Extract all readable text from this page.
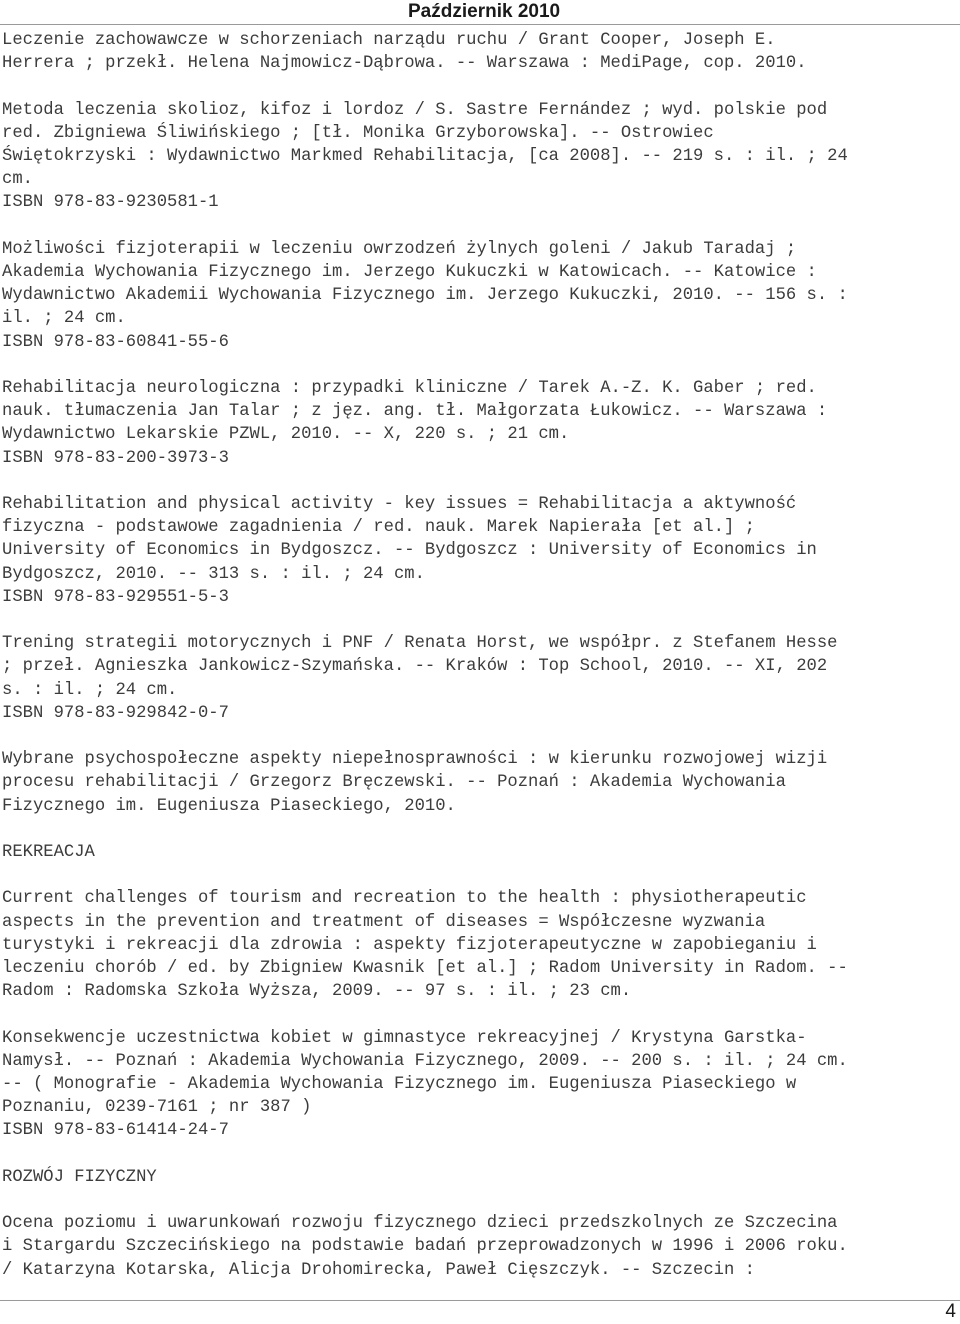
Październik 2010
Leczenie zachowawcze w schorzeniach narządu ruchu / Grant Cooper, Joseph E.
Herrera ; przekł. Helena Najmowicz-Dąbrowa. -- Warszawa : MediPage, cop. 2010.
Metoda leczenia skolioz, kifoz i lordoz / S. Sastre Fernández ; wyd. polskie pod
red. Zbigniewa Śliwińskiego ; [tł. Monika Grzyborowska]. -- Ostrowiec
Świętokrzyski : Wydawnictwo Markmed Rehabilitacja, [ca 2008]. -- 219 s. : il. ; 24
cm.
ISBN 978-83-9230581-1
Możliwości fizjoterapii w leczeniu owrzodzeń żylnych goleni / Jakub Taradaj ;
Akademia Wychowania Fizycznego im. Jerzego Kukuczki w Katowicach. -- Katowice :
Wydawnictwo Akademii Wychowania Fizycznego im. Jerzego Kukuczki, 2010. -- 156 s. :
il. ; 24 cm.
ISBN 978-83-60841-55-6
Rehabilitacja neurologiczna : przypadki kliniczne / Tarek A.-Z. K. Gaber ; red.
nauk. tłumaczenia Jan Talar ; z jęz. ang. tł. Małgorzata Łukowicz. -- Warszawa :
Wydawnictwo Lekarskie PZWL, 2010. -- X, 220 s. ; 21 cm.
ISBN 978-83-200-3973-3
Rehabilitation and physical activity - key issues = Rehabilitacja a aktywność
fizyczna - podstawowe zagadnienia / red. nauk. Marek Napierała [et al.] ;
University of Economics in Bydgoszcz. -- Bydgoszcz : University of Economics in
Bydgoszcz, 2010. -- 313 s. : il. ; 24 cm.
ISBN 978-83-929551-5-3
Trening strategii motorycznych i PNF / Renata Horst, we współpr. z Stefanem Hesse
; przeł. Agnieszka Jankowicz-Szymańska. -- Kraków : Top School, 2010. -- XI, 202
s. : il. ; 24 cm.
ISBN 978-83-929842-0-7
Wybrane psychospołeczne aspekty niepełnosprawności : w kierunku rozwojowej wizji
procesu rehabilitacji / Grzegorz Bręczewski. -- Poznań : Akademia Wychowania
Fizycznego im. Eugeniusza Piaseckiego, 2010.
REKREACJA
Current challenges of tourism and recreation to the health : physiotherapeutic
aspects in the prevention and treatment of diseases = Współczesne wyzwania
turystyki i rekreacji dla zdrowia : aspekty fizjoterapeutyczne w zapobieganiu i
leczeniu chorób / ed. by Zbigniew Kwasnik [et al.] ; Radom University in Radom. --
Radom : Radomska Szkoła Wyższa, 2009. -- 97 s. : il. ; 23 cm.
Konsekwencje uczestnictwa kobiet w gimnastyce rekreacyjnej / Krystyna Garstka-
Namysł. -- Poznań : Akademia Wychowania Fizycznego, 2009. -- 200 s. : il. ; 24 cm.
-- ( Monografie - Akademia Wychowania Fizycznego im. Eugeniusza Piaseckiego w
Poznaniu, 0239-7161 ; nr 387 )
ISBN 978-83-61414-24-7
ROZWÓJ FIZYCZNY
Ocena poziomu i uwarunkowań rozwoju fizycznego dzieci przedszkolnych ze Szczecina
i Stargardu Szczecińskiego na podstawie badań przeprowadzonych w 1996 i 2006 roku.
/ Katarzyna Kotarska, Alicja Drohomirecka, Paweł Cięszczyk. -- Szczecin :
4
